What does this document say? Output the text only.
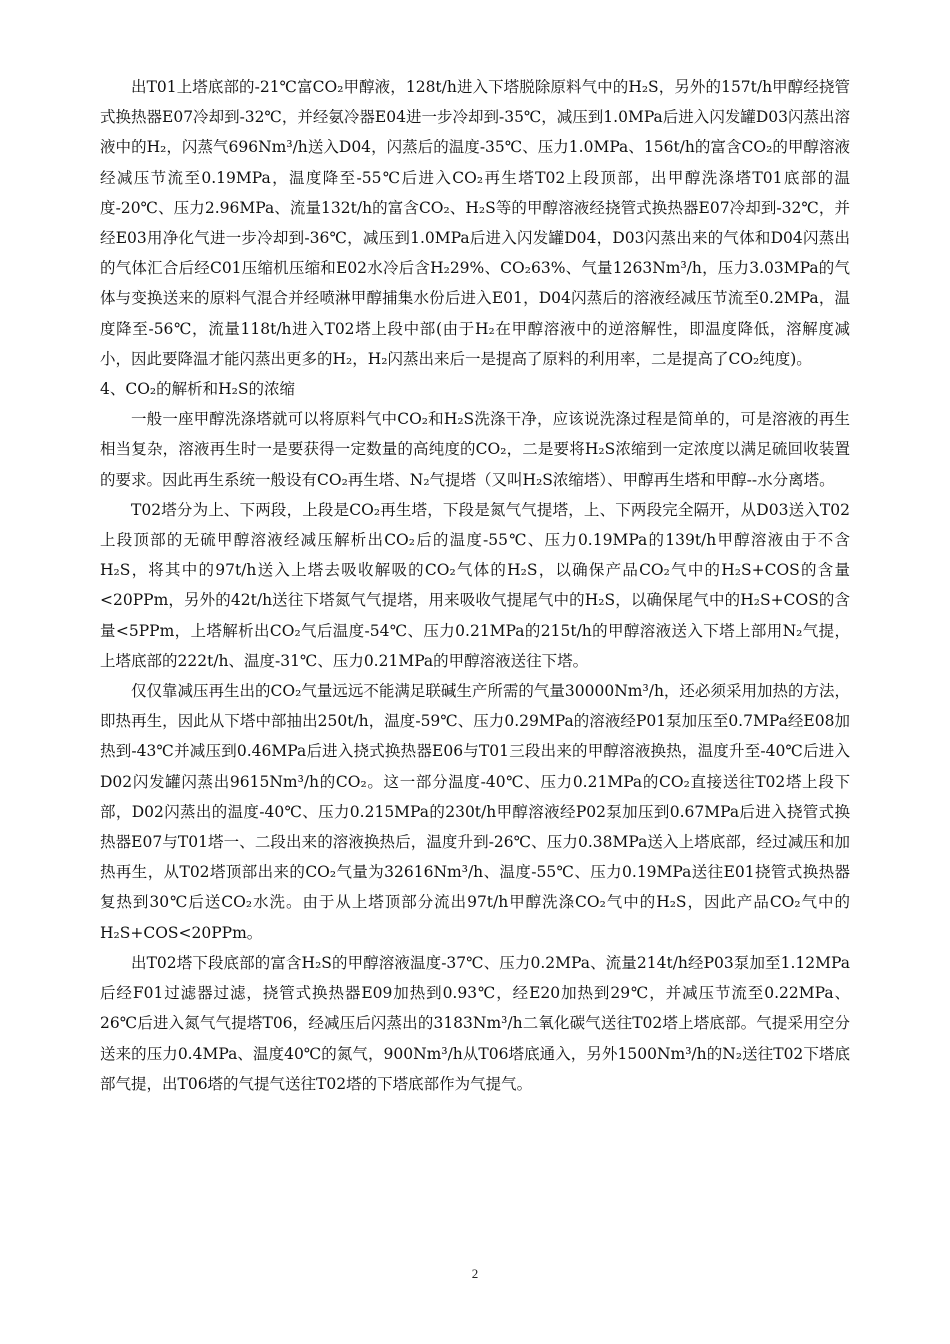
出T01上塔底部的-21℃富CO₂甲醇液，128t/h进入下塔脱除原料气中的H₂S，另外的157t/h甲醇经挠管式换热器E07冷却到-32℃，并经氨冷器E04进一步冷却到-35℃，减压到1.0MPa后进入闪发罐D03闪蒸出溶液中的H₂，闪蒸气696Nm³/h送入D04，闪蒸后的温度-35℃、压力1.0MPa、156t/h的富含CO₂的甲醇溶液经减压节流至0.19MPa，温度降至-55℃后进入CO₂再生塔T02上段顶部，出甲醇洗涤塔T01底部的温度-20℃、压力2.96MPa、流量132t/h的富含CO₂、H₂S等的甲醇溶液经挠管式换热器E07冷却到-32℃，并经E03用净化气进一步冷却到-36℃，减压到1.0MPa后进入闪发罐D04，D03闪蒸出来的气体和D04闪蒸出的气体汇合后经C01压缩机压缩和E02水冷后含H₂29%、CO₂63%、气量1263Nm³/h，压力3.03MPa的气体与变换送来的原料气混合并经喷淋甲醇捕集水份后进入E01，D04闪蒸后的溶液经减压节流至0.2MPa，温度降至-56℃，流量118t/h进入T02塔上段中部(由于H₂在甲醇溶液中的逆溶解性，即温度降低，溶解度减小，因此要降温才能闪蒸出更多的H₂，H₂闪蒸出来后一是提高了原料的利用率，二是提高了CO₂纯度)。

4、CO₂的解析和H₂S的浓缩

一般一座甲醇洗涤塔就可以将原料气中CO₂和H₂S洗涤干净，应该说洗涤过程是简单的，可是溶液的再生相当复杂，溶液再生时一是要获得一定数量的高纯度的CO₂，二是要将H₂S浓缩到一定浓度以满足硫回收装置的要求。因此再生系统一般设有CO₂再生塔、N₂气提塔（又叫H₂S浓缩塔）、甲醇再生塔和甲醇--水分离塔。

T02塔分为上、下两段，上段是CO₂再生塔，下段是氮气气提塔，上、下两段完全隔开，从D03送入T02上段顶部的无硫甲醇溶液经减压解析出CO₂后的温度-55℃、压力0.19MPa的139t/h甲醇溶液由于不含H₂S，将其中的97t/h送入上塔去吸收解吸的CO₂气体的H₂S，以确保产品CO₂气中的H₂S+COS的含量<20PPm，另外的42t/h送往下塔氮气气提塔，用来吸收气提尾气中的H₂S，以确保尾气中的H₂S+COS的含量<5PPm，上塔解析出CO₂气后温度-54℃、压力0.21MPa的215t/h的甲醇溶液送入下塔上部用N₂气提，上塔底部的222t/h、温度-31℃、压力0.21MPa的甲醇溶液送往下塔。

仅仅靠减压再生出的CO₂气量远远不能满足联碱生产所需的气量30000Nm³/h，还必须采用加热的方法，即热再生，因此从下塔中部抽出250t/h，温度-59℃、压力0.29MPa的溶液经P01泵加压至0.7MPa经E08加热到-43℃并减压到0.46MPa后进入挠式换热器E06与T01三段出来的甲醇溶液换热，温度升至-40℃后进入D02闪发罐闪蒸出9615Nm³/h的CO₂。这一部分温度-40℃、压力0.21MPa的CO₂直接送往T02塔上段下部，D02闪蒸出的温度-40℃、压力0.215MPa的230t/h甲醇溶液经P02泵加压到0.67MPa后进入挠管式换热器E07与T01塔一、二段出来的溶液换热后，温度升到-26℃、压力0.38MPa送入上塔底部，经过减压和加热再生，从T02塔顶部出来的CO₂气量为32616Nm³/h、温度-55℃、压力0.19MPa送往E01挠管式换热器复热到30℃后送CO₂水洗。由于从上塔顶部分流出97t/h甲醇洗涤CO₂气中的H₂S，因此产品CO₂气中的H₂S+COS<20PPm。

出T02塔下段底部的富含H₂S的甲醇溶液温度-37℃、压力0.2MPa、流量214t/h经P03泵加至1.12MPa后经F01过滤器过滤，挠管式换热器E09加热到0.93℃，经E20加热到29℃，并减压节流至0.22MPa、26℃后进入氮气气提塔T06，经减压后闪蒸出的3183Nm³/h二氧化碳气送往T02塔上塔底部。气提采用空分送来的压力0.4MPa、温度40℃的氮气，900Nm³/h从T06塔底通入，另外1500Nm³/h的N₂送往T02下塔底部气提，出T06塔的气提气送往T02塔的下塔底部作为气提气。

2
